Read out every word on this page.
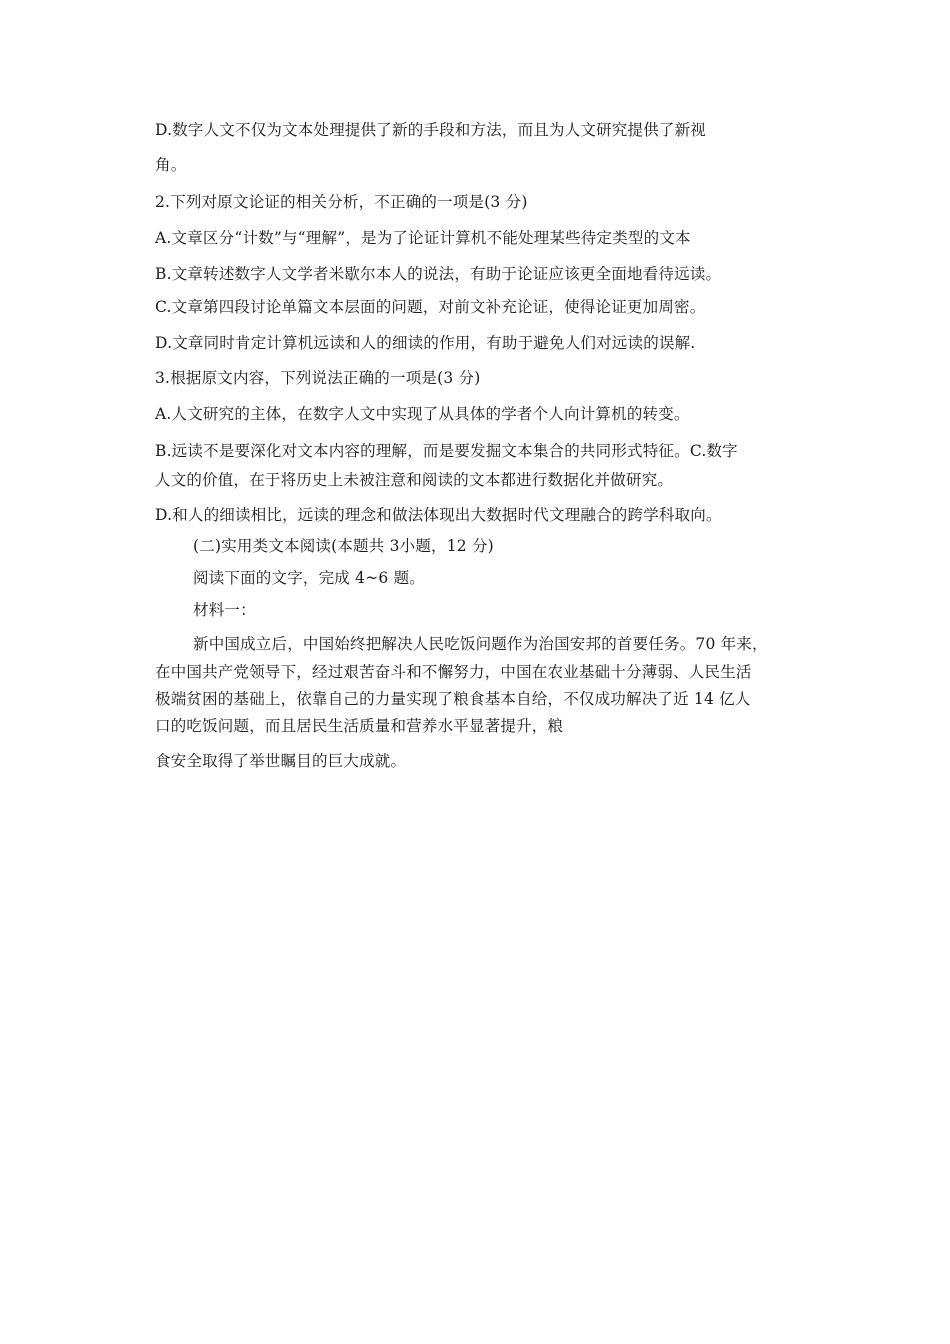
D.数字人文不仅为文本处理提供了新的手段和方法，而且为人文研究提供了新视
角。
2.下列对原文论证的相关分析，不正确的一项是(3 分)
A.文章区分“计数”与“理解”，是为了论证计算机不能处理某些待定类型的文本
B.文章转述数字人文学者米歇尔本人的说法，有助于论证应该更全面地看待远读。
C.文章第四段讨论单篇文本层面的问题，对前文补充论证，使得论证更加周密。
D.文章同时肯定计算机远读和人的细读的作用，有助于避免人们对远读的误解.
3.根据原文内容，下列说法正确的一项是(3 分)
A.人文研究的主体，在数字人文中实现了从具体的学者个人向计算机的转变。
B.远读不是要深化对文本内容的理解，而是要发掘文本集合的共同形式特征。C.数字
人文的价值，在于将历史上未被注意和阅读的文本都进行数据化并做研究。
D.和人的细读相比，远读的理念和做法体现出大数据时代文理融合的跨学科取向。
(二)实用类文本阅读(本题共 3小题，12 分)
阅读下面的文字，完成 4~6 题。
材料一：
新中国成立后，中国始终把解决人民吃饭问题作为治国安邦的首要任务。70 年来，
在中国共产党领导下，经过艰苦奋斗和不懈努力，中国在农业基础十分薄弱、人民生活
极端贫困的基础上，依靠自己的力量实现了粮食基本自给，不仅成功解决了近 14 亿人
口的吃饭问题，而且居民生活质量和营养水平显著提升，粮
食安全取得了举世瞩目的巨大成就。
